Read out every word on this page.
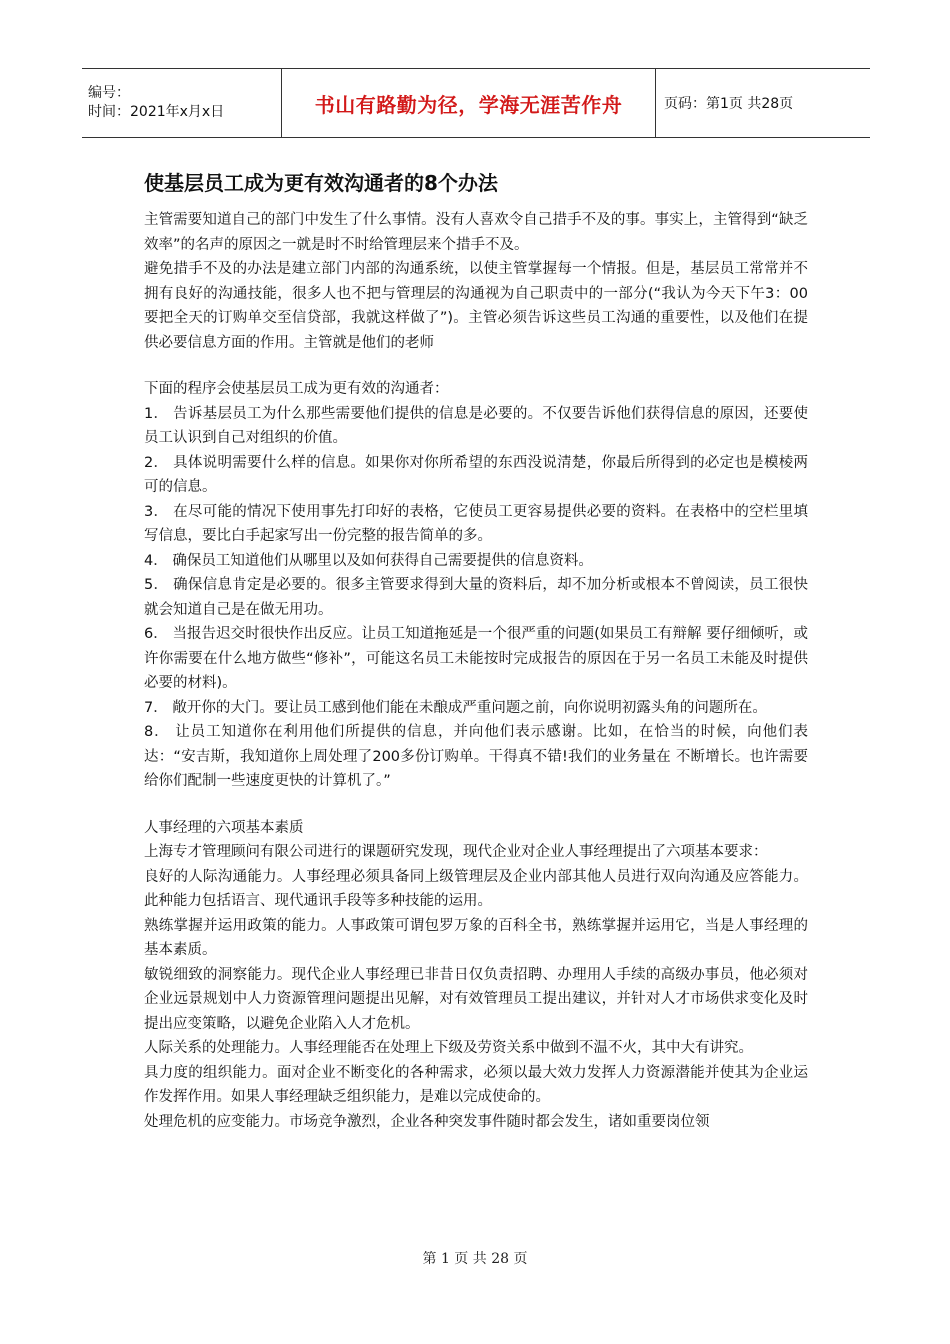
编号：
时间：2021年x月x日	书山有路勤为径，学海无涯苦作舟	页码：第1页 共28页
使基层员工成为更有效沟通者的8个办法

主管需要知道自己的部门中发生了什么事情。没有人喜欢令自己措手不及的事。事实上，主管得到“缺乏效率”的名声的原因之一就是时不时给管理层来个措手不及。

避免措手不及的办法是建立部门内部的沟通系统，以使主管掌握每一个情报。但是，基层员工常常并不拥有良好的沟通技能，很多人也不把与管理层的沟通视为自己职责中的一部分(“我认为今天下午3：00要把全天的订购单交至信贷部，我就这样做了”)。主管必须告诉这些员工沟通的重要性，以及他们在提供必要信息方面的作用。主管就是他们的老师

下面的程序会使基层员工成为更有效的沟通者：

1． 告诉基层员工为什么那些需要他们提供的信息是必要的。不仅要告诉他们获得信息的原因，还要使员工认识到自己对组织的价值。

2． 具体说明需要什么样的信息。如果你对你所希望的东西没说清楚，你最后所得到的必定也是模棱两可的信息。

3． 在尽可能的情况下使用事先打印好的表格，它使员工更容易提供必要的资料。在表格中的空栏里填写信息，要比白手起家写出一份完整的报告简单的多。

4． 确保员工知道他们从哪里以及如何获得自己需要提供的信息资料。

5． 确保信息肯定是必要的。很多主管要求得到大量的资料后，却不加分析或根本不曾阅读，员工很快就会知道自己是在做无用功。

6． 当报告迟交时很快作出反应。让员工知道拖延是一个很严重的问题(如果员工有辩解 要仔细倾听，或许你需要在什么地方做些“修补”，可能这名员工未能按时完成报告的原因在于另一名员工未能及时提供必要的材料)。

7． 敞开你的大门。要让员工感到他们能在未酿成严重问题之前，向你说明初露头角的问题所在。

8． 让员工知道你在利用他们所提供的信息，并向他们表示感谢。比如，在恰当的时候，向他们表达：“安吉斯，我知道你上周处理了200多份订购单。干得真不错!我们的业务量在 不断增长。也许需要给你们配制一些速度更快的计算机了。”

人事经理的六项基本素质

上海专才管理顾问有限公司进行的课题研究发现，现代企业对企业人事经理提出了六项基本要求：

良好的人际沟通能力。人事经理必须具备同上级管理层及企业内部其他人员进行双向沟通及应答能力。此种能力包括语言、现代通讯手段等多种技能的运用。

熟练掌握并运用政策的能力。人事政策可谓包罗万象的百科全书，熟练掌握并运用它，当是人事经理的基本素质。

敏锐细致的洞察能力。现代企业人事经理已非昔日仅负责招聘、办理用人手续的高级办事员，他必须对企业远景规划中人力资源管理问题提出见解，对有效管理员工提出建议，并针对人才市场供求变化及时提出应变策略，以避免企业陷入人才危机。

人际关系的处理能力。人事经理能否在处理上下级及劳资关系中做到不温不火，其中大有讲究。

具力度的组织能力。面对企业不断变化的各种需求，必须以最大效力发挥人力资源潜能并使其为企业运作发挥作用。如果人事经理缺乏组织能力，是难以完成使命的。

处理危机的应变能力。市场竞争激烈，企业各种突发事件随时都会发生，诸如重要岗位领

第 1 页 共 28 页
